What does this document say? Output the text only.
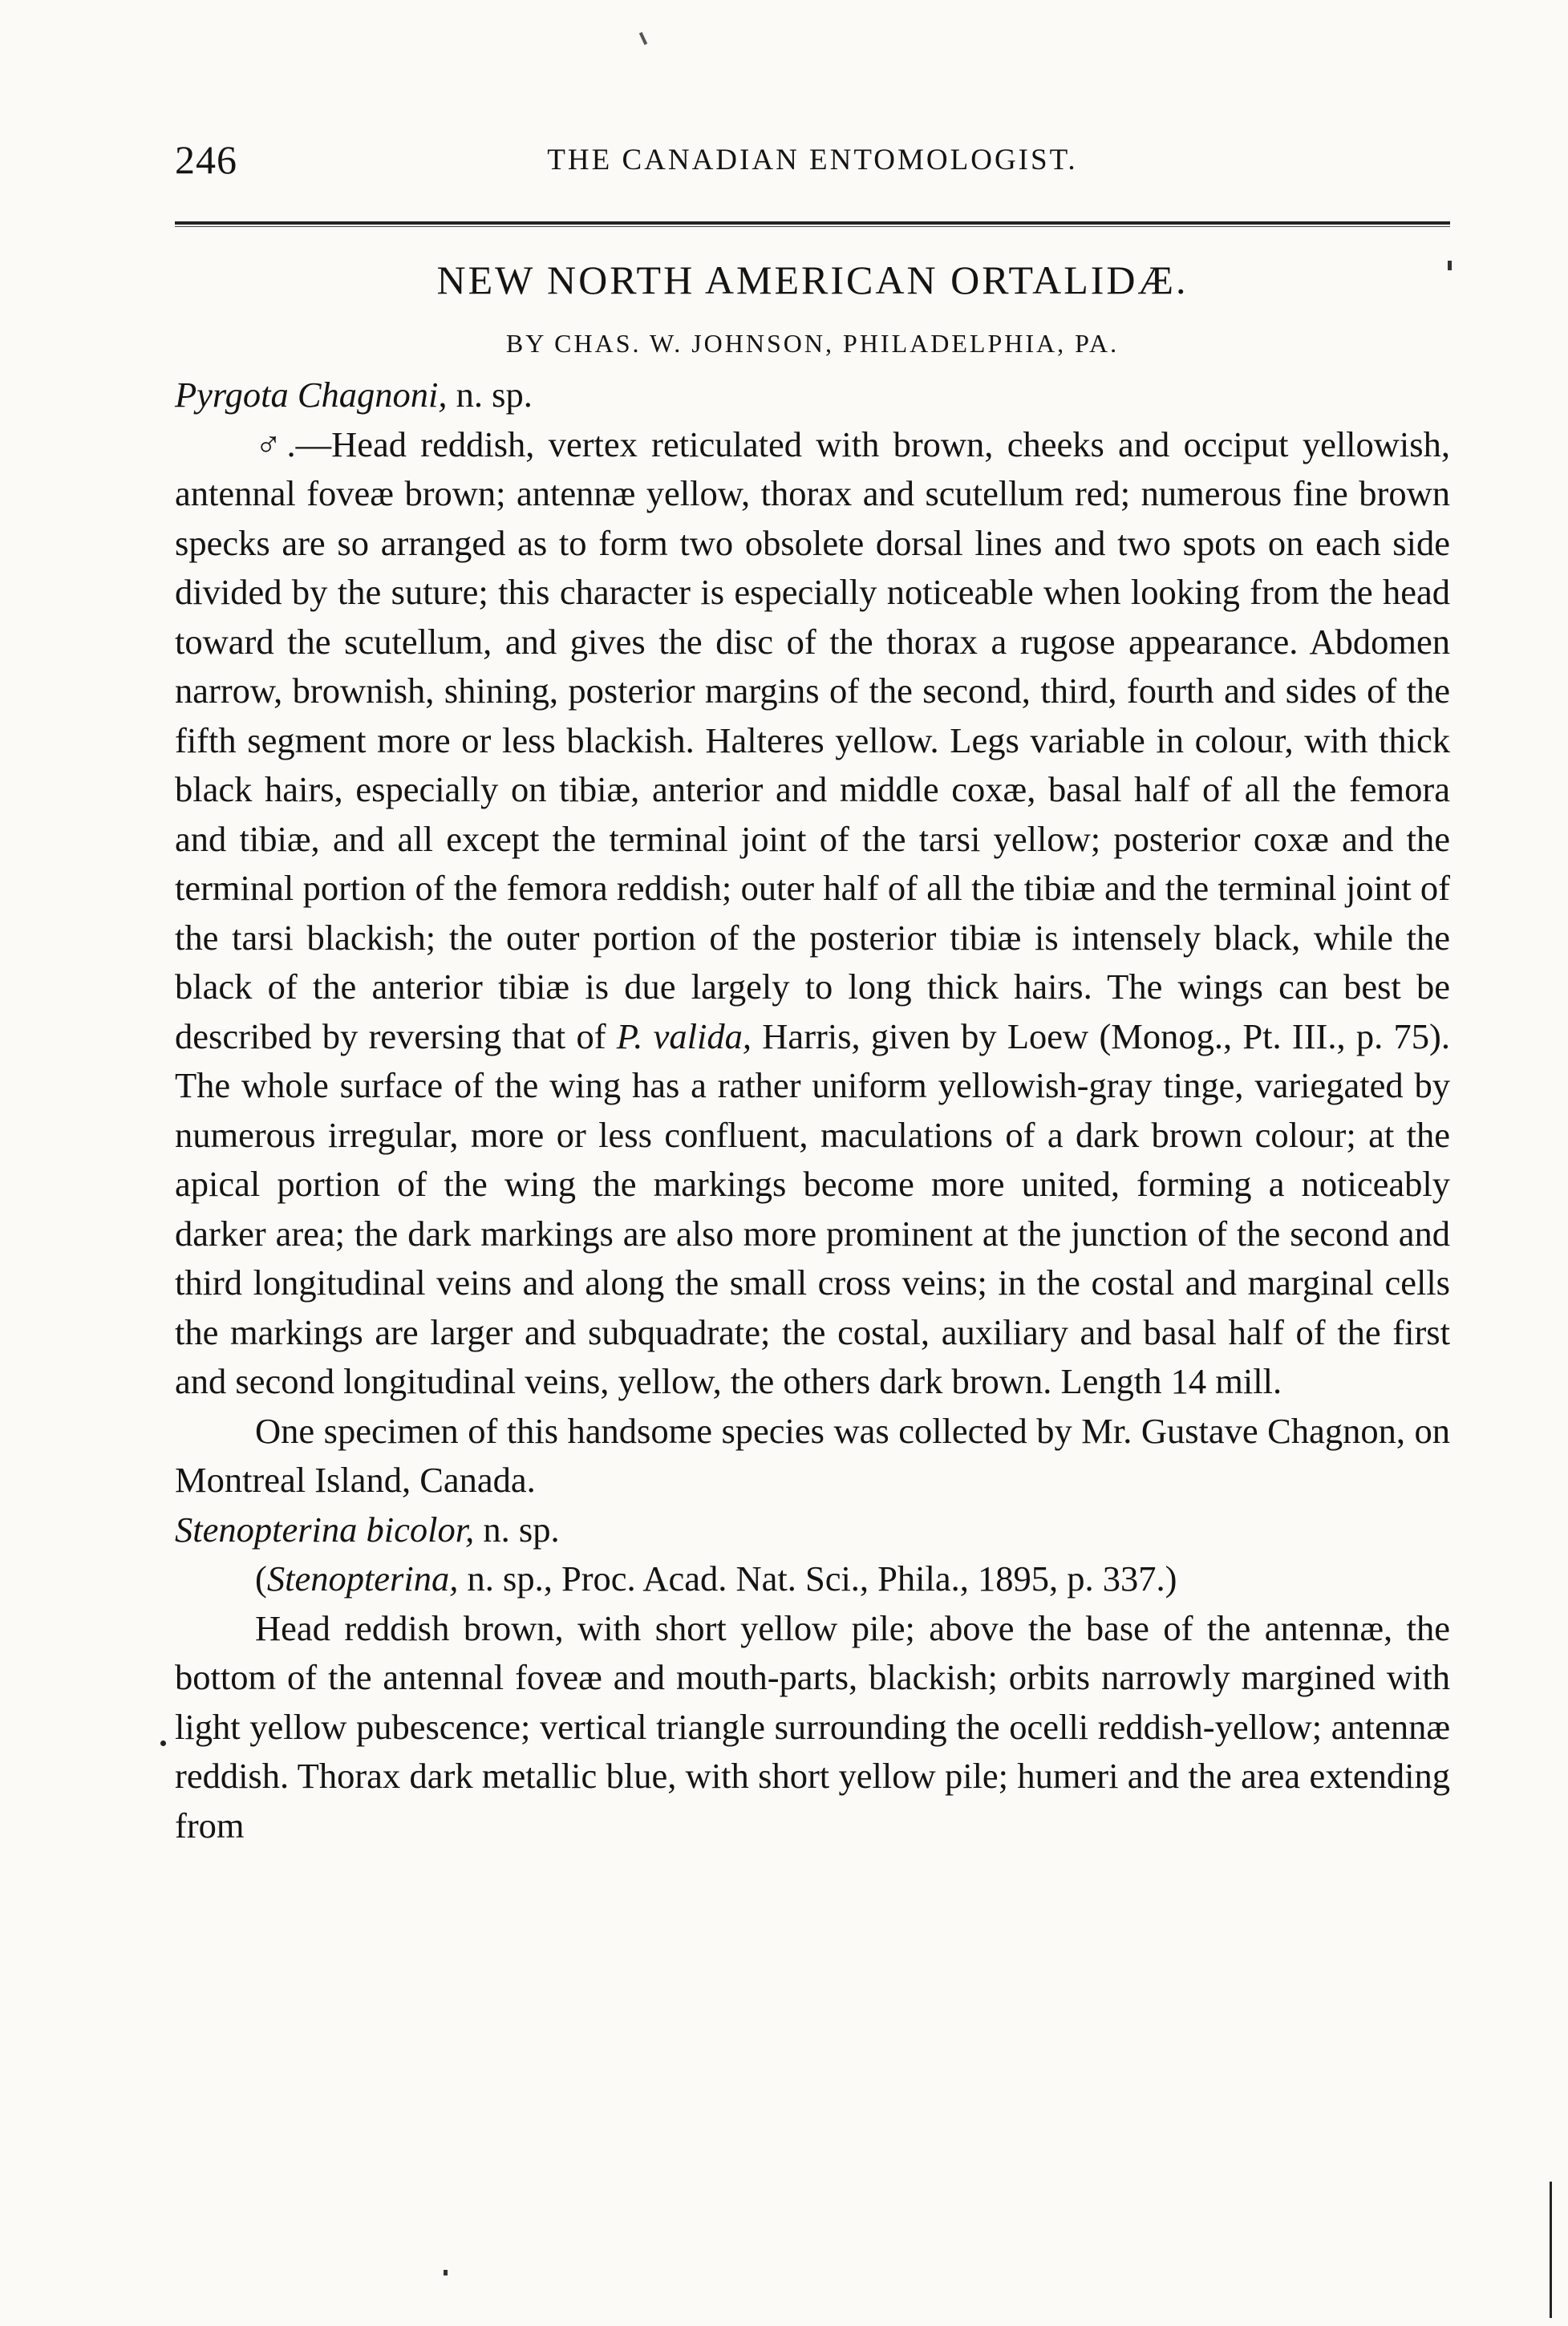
246	THE CANADIAN ENTOMOLOGIST.
NEW NORTH AMERICAN ORTALIDÆ.
BY CHAS. W. JOHNSON, PHILADELPHIA, PA.

Pyrgota Chagnoni, n. sp.

♂.—Head reddish, vertex reticulated with brown, cheeks and occiput yellowish, antennal foveæ brown; antennæ yellow, thorax and scutellum red; numerous fine brown specks are so arranged as to form two obsolete dorsal lines and two spots on each side divided by the suture; this character is especially noticeable when looking from the head toward the scutellum, and gives the disc of the thorax a rugose appearance. Abdomen narrow, brownish, shining, posterior margins of the second, third, fourth and sides of the fifth segment more or less blackish. Halteres yellow. Legs variable in colour, with thick black hairs, especially on tibiæ, anterior and middle coxæ, basal half of all the femora and tibiæ, and all except the terminal joint of the tarsi yellow; posterior coxæ and the terminal portion of the femora reddish; outer half of all the tibiæ and the terminal joint of the tarsi blackish; the outer portion of the posterior tibiæ is intensely black, while the black of the anterior tibiæ is due largely to long thick hairs. The wings can best be described by reversing that of P. valida, Harris, given by Loew (Monog., Pt. III., p. 75). The whole surface of the wing has a rather uniform yellowish-gray tinge, variegated by numerous irregular, more or less confluent, maculations of a dark brown colour; at the apical portion of the wing the markings become more united, forming a noticeably darker area; the dark markings are also more prominent at the junction of the second and third longitudinal veins and along the small cross veins; in the costal and marginal cells the markings are larger and subquadrate; the costal, auxiliary and basal half of the first and second longitudinal veins, yellow, the others dark brown. Length 14 mill.

One specimen of this handsome species was collected by Mr. Gustave Chagnon, on Montreal Island, Canada.

Stenopterina bicolor, n. sp.

(Stenopterina, n. sp., Proc. Acad. Nat. Sci., Phila., 1895, p. 337.)

Head reddish brown, with short yellow pile; above the base of the antennæ, the bottom of the antennal foveæ and mouth-parts, blackish; orbits narrowly margined with light yellow pubescence; vertical triangle surrounding the ocelli reddish-yellow; antennæ reddish. Thorax dark metallic blue, with short yellow pile; humeri and the area extending from
